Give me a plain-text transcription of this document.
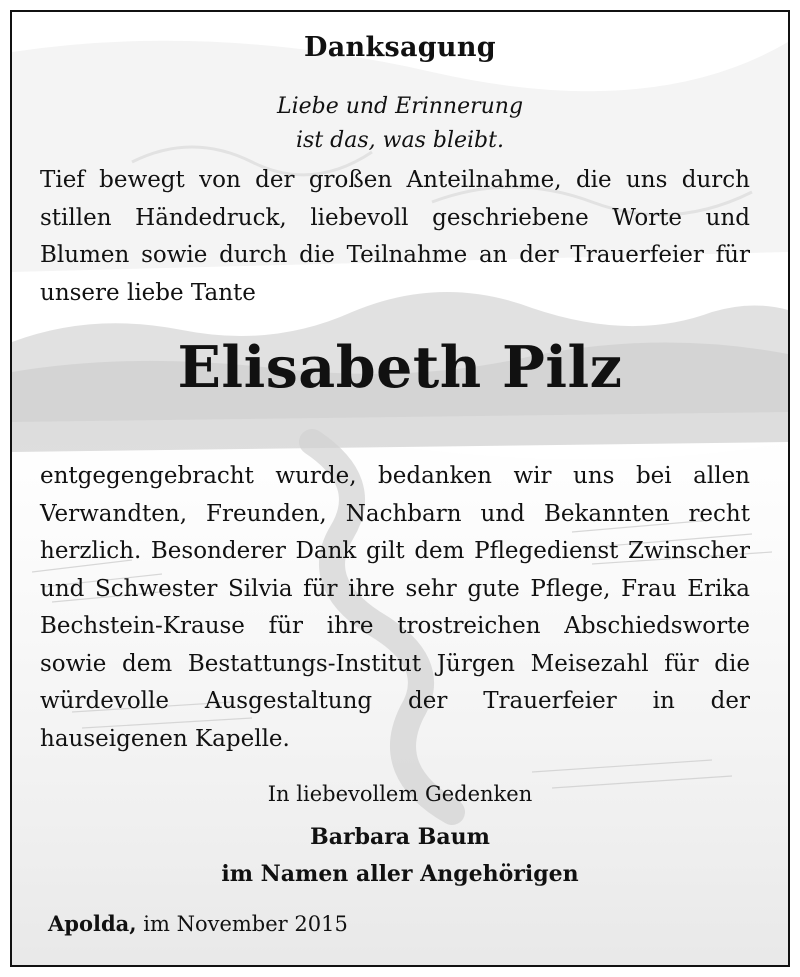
Danksagung
Liebe und Erinnerung
ist das, was bleibt.

Tief bewegt von der großen Anteilnahme, die uns durch stillen Händedruck, liebevoll geschriebene Worte und Blumen sowie durch die Teilnahme an der Trauerfeier für unsere liebe Tante

Elisabeth Pilz

entgegengebracht wurde, bedanken wir uns bei allen Verwandten, Freunden, Nachbarn und Bekannten recht herzlich. Besonderer Dank gilt dem Pflegedienst Zwinscher und Schwester Silvia für ihre sehr gute Pflege, Frau Erika Bechstein-Krause für ihre trostreichen Abschiedsworte sowie dem Bestattungs-Institut Jürgen Meisezahl für die würdevolle Ausgestaltung der Trauerfeier in der hauseigenen Kapelle.

In liebevollem Gedenken
Barbara Baum
im Namen aller Angehörigen
Apolda, im November 2015
